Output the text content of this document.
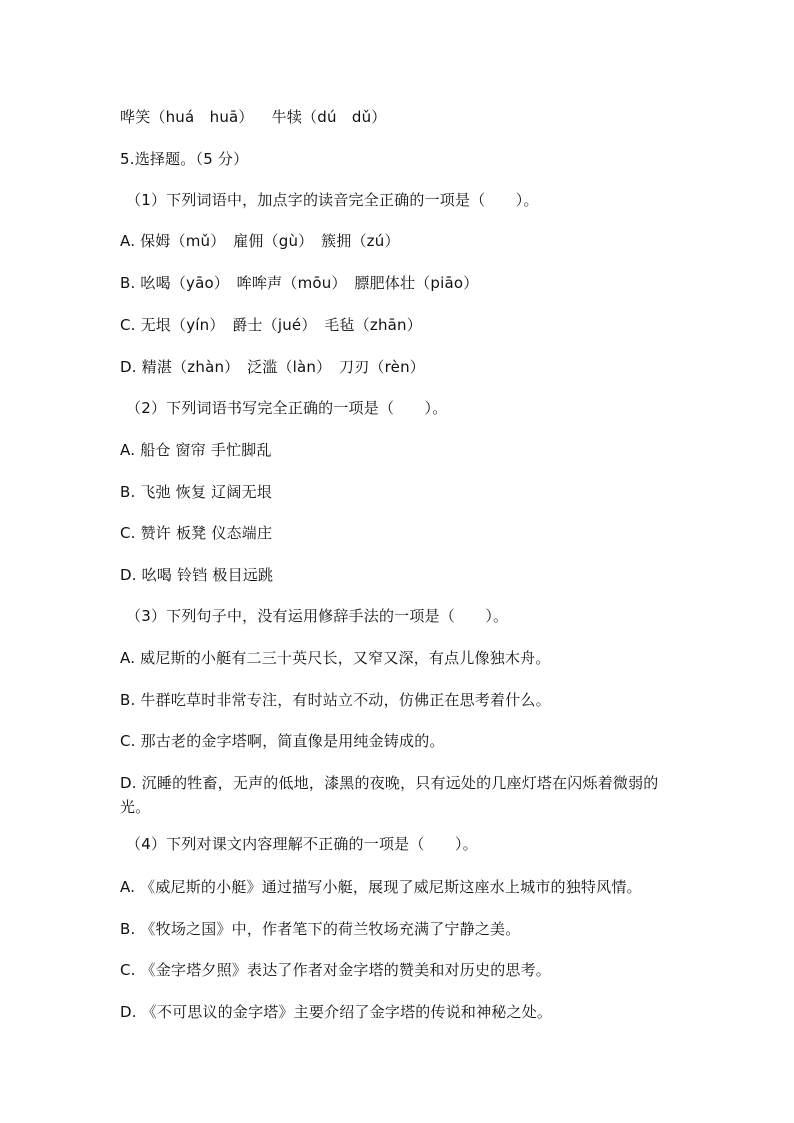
哗笑（huá　huā） 牛犊（dú　dǔ）
5.选择题。（5 分）
（1）下列词语中，加点字的读音完全正确的一项是（　　）。
A. 保姆（mǔ）　雇佣（gù）　簇拥（zú）
B. 吆喝（yāo）　哞哞声（mōu）　膘肥体壮（piāo）
C. 无垠（yín）　爵士（jué）　毛毡（zhān）
D. 精湛（zhàn）　泛滥（làn）　刀刃（rèn）
（2）下列词语书写完全正确的一项是（　　）。
A. 船仓 窗帘 手忙脚乱
B. 飞弛 恢复 辽阔无垠
C. 赞许 板凳 仪态端庄
D. 吆喝 铃铛 极目远跳
（3）下列句子中，没有运用修辞手法的一项是（　　）。
A. 威尼斯的小艇有二三十英尺长，又窄又深，有点儿像独木舟。
B. 牛群吃草时非常专注，有时站立不动，仿佛正在思考着什么。
C. 那古老的金字塔啊，简直像是用纯金铸成的。
D. 沉睡的牲畜，无声的低地，漆黑的夜晚，只有远处的几座灯塔在闪烁着微弱的光。
（4）下列对课文内容理解不正确的一项是（　　）。
A. 《威尼斯的小艇》通过描写小艇，展现了威尼斯这座水上城市的独特风情。
B. 《牧场之国》中，作者笔下的荷兰牧场充满了宁静之美。
C. 《金字塔夕照》表达了作者对金字塔的赞美和对历史的思考。
D. 《不可思议的金字塔》主要介绍了金字塔的传说和神秘之处。
